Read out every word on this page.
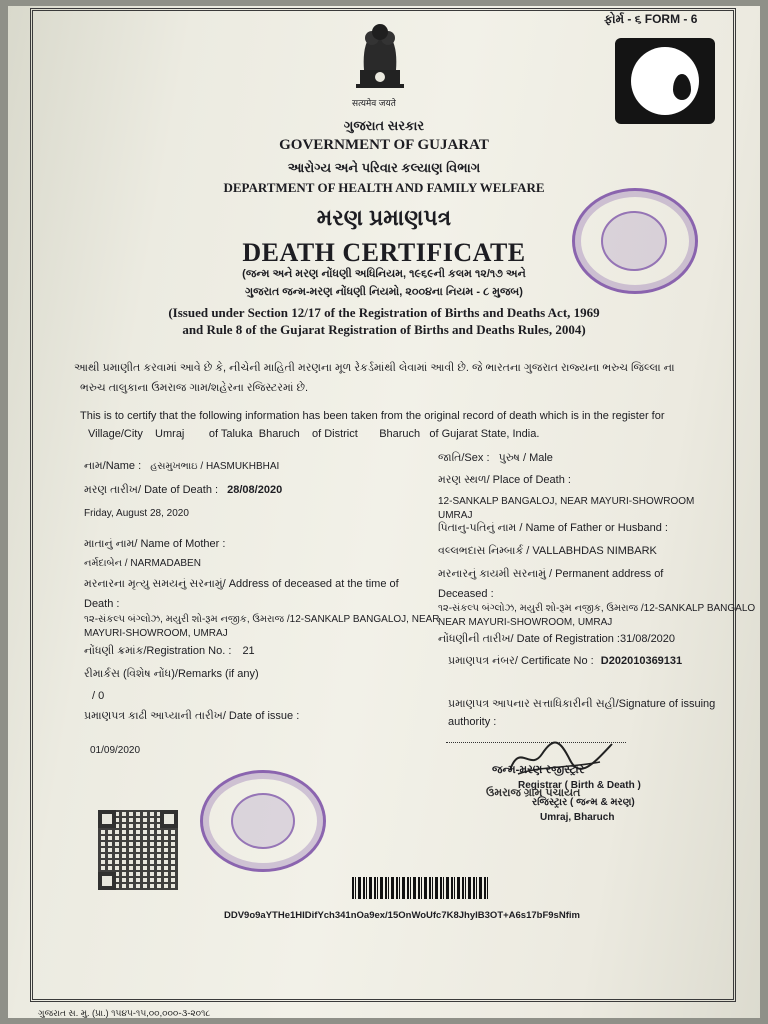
ફોર્મ - ૬ FORM - 6
सत्यमेव जयते
ગુજરાત સરકાર
GOVERNMENT OF GUJARAT
આરોગ્ય અને પરિવાર કલ્યાણ વિભાગ
DEPARTMENT OF HEALTH AND FAMILY WELFARE
મરણ પ્રમાણપત્ર
DEATH CERTIFICATE
(જન્મ અને મરણ નોંધણી અધિનિયમ, ૧૯૬૯ની કલમ ૧૨/૧૭ અને
ગુજરાત જન્મ-મરણ નોંધણી નિયમો, ૨૦૦૪ના નિયમ - ૮ મુજબ)
(Issued under Section 12/17 of the Registration of Births and Deaths Act, 1969
and Rule 8 of the Gujarat Registration of Births and Deaths Rules, 2004)
આથી પ્રમાણીત કરવામાં આવે છે કે, નીચેની માહિતી મરણના મૂળ રેકર્ડમાંથી લેવામાં આવી છે. જે ભારતના ગુજરાત રાજ્યના ભરુચ જિલ્લા ના
ભરુચ તાલુકાના ઉમરાજ ગામ/શહેરના રજિસ્ટરમાં છે.
This is to certify that the following information has been taken from the original record of death which is in the register for
Village/City    Umraj        of Taluka  Bharuch    of District       Bharuch   of Gujarat State, India.
નામ/Name : હસમુખભાઇ / HASMUKHBHAI
મરણ તારીખ/ Date of Death : 28/08/2020
Friday, August 28, 2020
માતાનું નામ/ Name of Mother :
નર્મદાબેન / NARMADABEN
મરનારના મૃત્યુ સમયનું સરનામું/ Address of deceased at the time of
Death :
૧૨-સંકલ્પ બંગ્લોઝ, મયુરી શો-રૂમ નજીક, ઉમરાજ /12-SANKALP BANGALOJ, NEAR
MAYURI-SHOWROOM, UMRAJ
નોંધણી ક્રમાંક/Registration No. : 21
રીમાર્કસ (વિશેષ નોંધ)/Remarks (if any)
/ 0
પ્રમાણપત્ર કાઢી આપ્યાની તારીખ/ Date of issue :
01/09/2020
જાતિ/Sex : પુરુષ / Male
મરણ સ્થળ/ Place of Death :
12-SANKALP BANGALOJ, NEAR MAYURI-SHOWROOM
UMRAJ
પિતાનુ-પતિનું નામ / Name of Father or Husband :
વલ્લભદાસ નિમ્બાર્ક / VALLABHDAS NIMBARK
મરનારનું કાયમી સરનામું / Permanent address of
Deceased :
૧૨-સંકલ્પ બંગ્લોઝ, મયુરી શો-રૂમ નજીક, ઉમરાજ /12-SANKALP BANGALO
NEAR MAYURI-SHOWROOM, UMRAJ
નોંધણીની તારીખ/ Date of Registration :31/08/2020
પ્રમાણપત્ર નંબર/ Certificate No : D202010369131
પ્રમાણપત્ર આપનાર સત્તાધિકારીની સહી/Signature of issuing
authority :
જન્મ-મરણ રજીસ્ટ્રાર
Registrar ( Birth & Death )
ઉમરાજ ગ્રામ પંચાયત
રજિસ્ટ્રાર ( જન્મ & મરણ)
Umraj, Bharuch
DDV9o9aYTHe1HIDifYch341nOa9ex/15OnWoUfc7K8JhyIB3OT+A6s17bF9sNfim
ગુજરાત સ. મુ. (પ્રા.) ૧૫૪૫-૧૫,૦૦,૦૦૦-૩-૨૦૧૮
